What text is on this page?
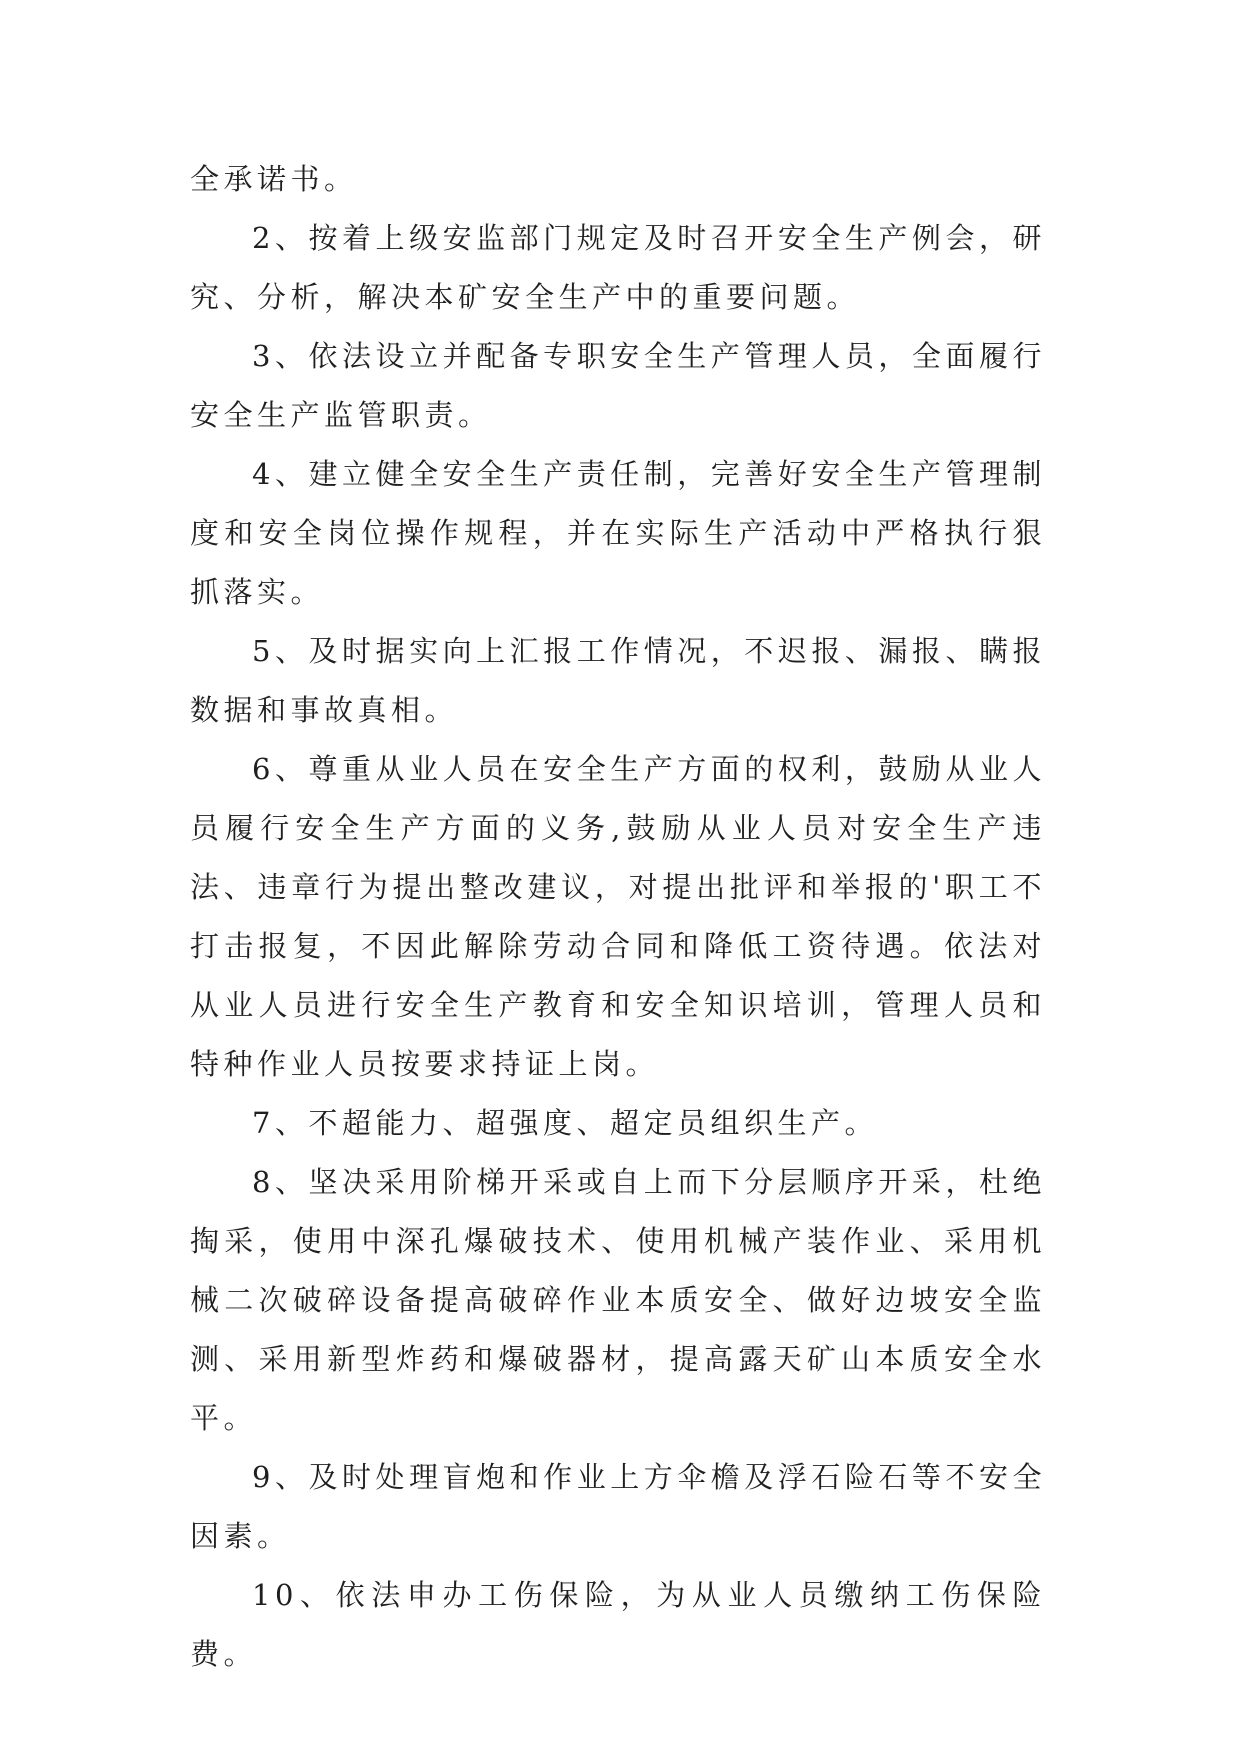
全承诺书。

2、按着上级安监部门规定及时召开安全生产例会，研究、分析，解决本矿安全生产中的重要问题。

3、依法设立并配备专职安全生产管理人员，全面履行安全生产监管职责。

4、建立健全安全生产责任制，完善好安全生产管理制度和安全岗位操作规程，并在实际生产活动中严格执行狠抓落实。

5、及时据实向上汇报工作情况，不迟报、漏报、瞒报数据和事故真相。

6、尊重从业人员在安全生产方面的权利，鼓励从业人员履行安全生产方面的义务,鼓励从业人员对安全生产违法、违章行为提出整改建议，对提出批评和举报的'职工不打击报复，不因此解除劳动合同和降低工资待遇。依法对从业人员进行安全生产教育和安全知识培训，管理人员和特种作业人员按要求持证上岗。

7、不超能力、超强度、超定员组织生产。

8、坚决采用阶梯开采或自上而下分层顺序开采，杜绝掏采，使用中深孔爆破技术、使用机械产装作业、采用机械二次破碎设备提高破碎作业本质安全、做好边坡安全监测、采用新型炸药和爆破器材，提高露天矿山本质安全水平。

9、及时处理盲炮和作业上方伞檐及浮石险石等不安全因素。

10、依法申办工伤保险，为从业人员缴纳工伤保险费。
